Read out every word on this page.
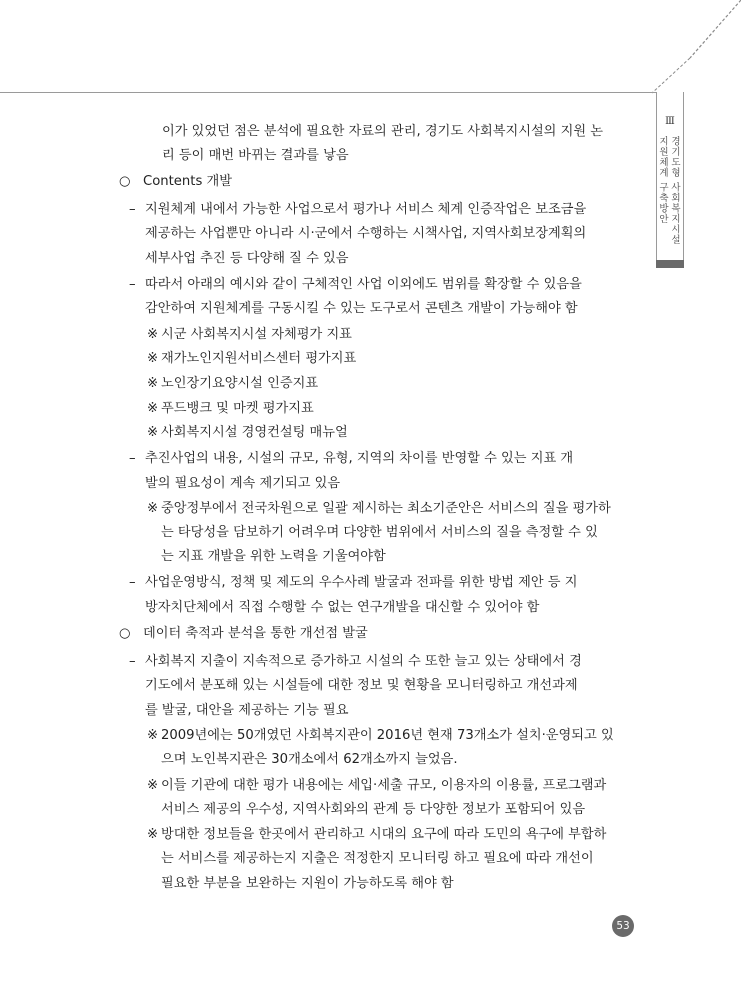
Ⅲ
경기도형 사회복지시설
지원체계 구축방안
이가 있었던 점은 분석에 필요한 자료의 관리, 경기도 사회복지시설의 지원 논
리 등이 매번 바뀌는 결과를 낳음
○ Contents 개발
– 지원체계 내에서 가능한 사업으로서 평가나 서비스 체계 인증작업은 보조금을
제공하는 사업뿐만 아니라 시·군에서 수행하는 시책사업, 지역사회보장계획의
세부사업 추진 등 다양해 질 수 있음
– 따라서 아래의 예시와 같이 구체적인 사업 이외에도 범위를 확장할 수 있음을
감안하여 지원체계를 구동시킬 수 있는 도구로서 콘텐츠 개발이 가능해야 함
※ 시군 사회복지시설 자체평가 지표
※ 재가노인지원서비스센터 평가지표
※ 노인장기요양시설 인증지표
※ 푸드뱅크 및 마켓 평가지표
※ 사회복지시설 경영컨설팅 매뉴얼
– 추진사업의 내용, 시설의 규모, 유형, 지역의 차이를 반영할 수 있는 지표 개
발의 필요성이 계속 제기되고 있음
※ 중앙정부에서 전국차원으로 일괄 제시하는 최소기준안은 서비스의 질을 평가하
는 타당성을 담보하기 어려우며 다양한 범위에서 서비스의 질을 측정할 수 있
는 지표 개발을 위한 노력을 기울여야함
– 사업운영방식, 정책 및 제도의 우수사례 발굴과 전파를 위한 방법 제안 등 지
방자치단체에서 직접 수행할 수 없는 연구개발을 대신할 수 있어야 함
○ 데이터 축적과 분석을 통한 개선점 발굴
– 사회복지 지출이 지속적으로 증가하고 시설의 수 또한 늘고 있는 상태에서 경
기도에서 분포해 있는 시설들에 대한 정보 및 현황을 모니터링하고 개선과제
를 발굴, 대안을 제공하는 기능 필요
※ 2009년에는 50개였던 사회복지관이 2016년 현재 73개소가 설치·운영되고 있
으며 노인복지관은 30개소에서 62개소까지 늘었음.
※ 이들 기관에 대한 평가 내용에는 세입·세출 규모, 이용자의 이용률, 프로그램과
서비스 제공의 우수성, 지역사회와의 관계 등 다양한 정보가 포함되어 있음
※ 방대한 정보들을 한곳에서 관리하고 시대의 요구에 따라 도민의 욕구에 부합하
는 서비스를 제공하는지 지출은 적정한지 모니터링 하고 필요에 따라 개선이
필요한 부분을 보완하는 지원이 가능하도록 해야 함
53
